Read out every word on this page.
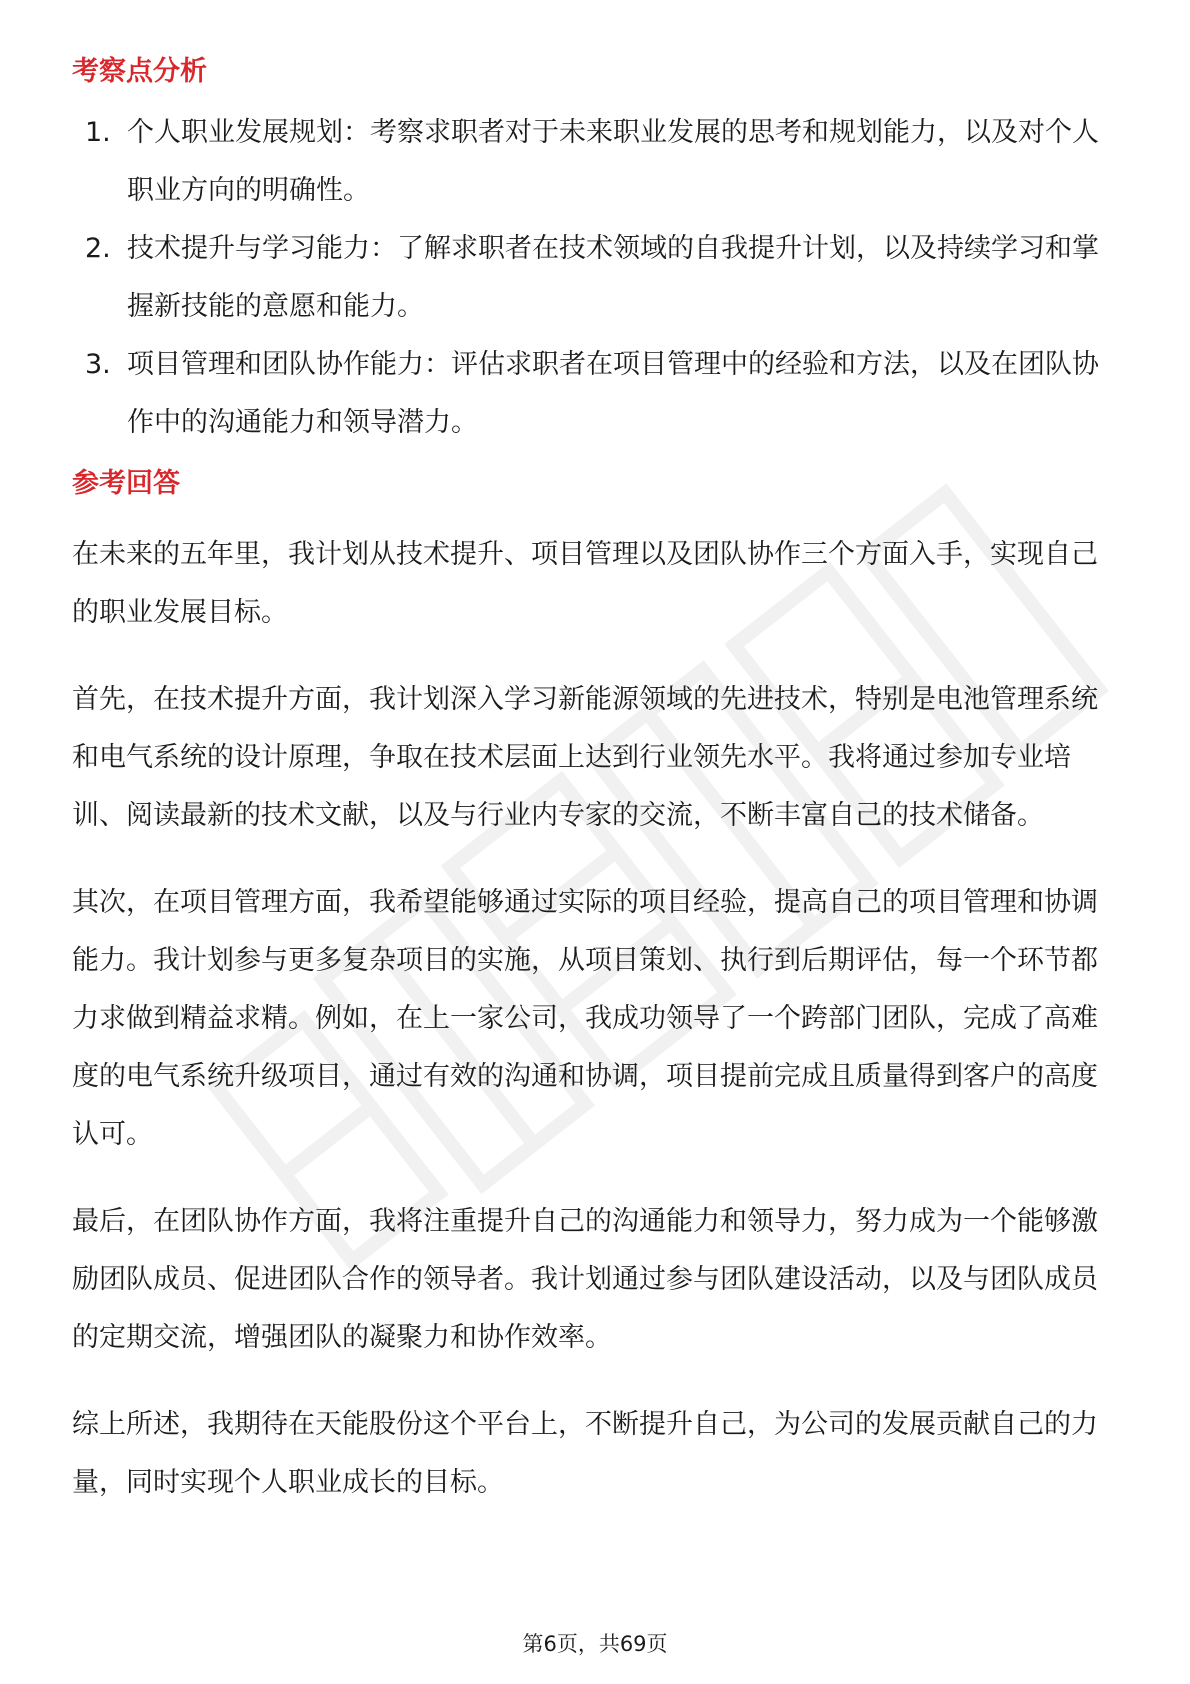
考察点分析
1. 个人职业发展规划：考察求职者对于未来职业发展的思考和规划能力，以及对个人职业方向的明确性。
2. 技术提升与学习能力：了解求职者在技术领域的自我提升计划，以及持续学习和掌握新技能的意愿和能力。
3. 项目管理和团队协作能力：评估求职者在项目管理中的经验和方法，以及在团队协作中的沟通能力和领导潜力。
参考回答

在未来的五年里，我计划从技术提升、项目管理以及团队协作三个方面入手，实现自己的职业发展目标。

首先，在技术提升方面，我计划深入学习新能源领域的先进技术，特别是电池管理系统和电气系统的设计原理，争取在技术层面上达到行业领先水平。我将通过参加专业培训、阅读最新的技术文献，以及与行业内专家的交流，不断丰富自己的技术储备。

其次，在项目管理方面，我希望能够通过实际的项目经验，提高自己的项目管理和协调能力。我计划参与更多复杂项目的实施，从项目策划、执行到后期评估，每一个环节都力求做到精益求精。例如，在上一家公司，我成功领导了一个跨部门团队，完成了高难度的电气系统升级项目，通过有效的沟通和协调，项目提前完成且质量得到客户的高度认可。

最后，在团队协作方面，我将注重提升自己的沟通能力和领导力，努力成为一个能够激励团队成员、促进团队合作的领导者。我计划通过参与团队建设活动，以及与团队成员的定期交流，增强团队的凝聚力和协作效率。

综上所述，我期待在天能股份这个平台上，不断提升自己，为公司的发展贡献自己的力量，同时实现个人职业成长的目标。

第6页，共69页
